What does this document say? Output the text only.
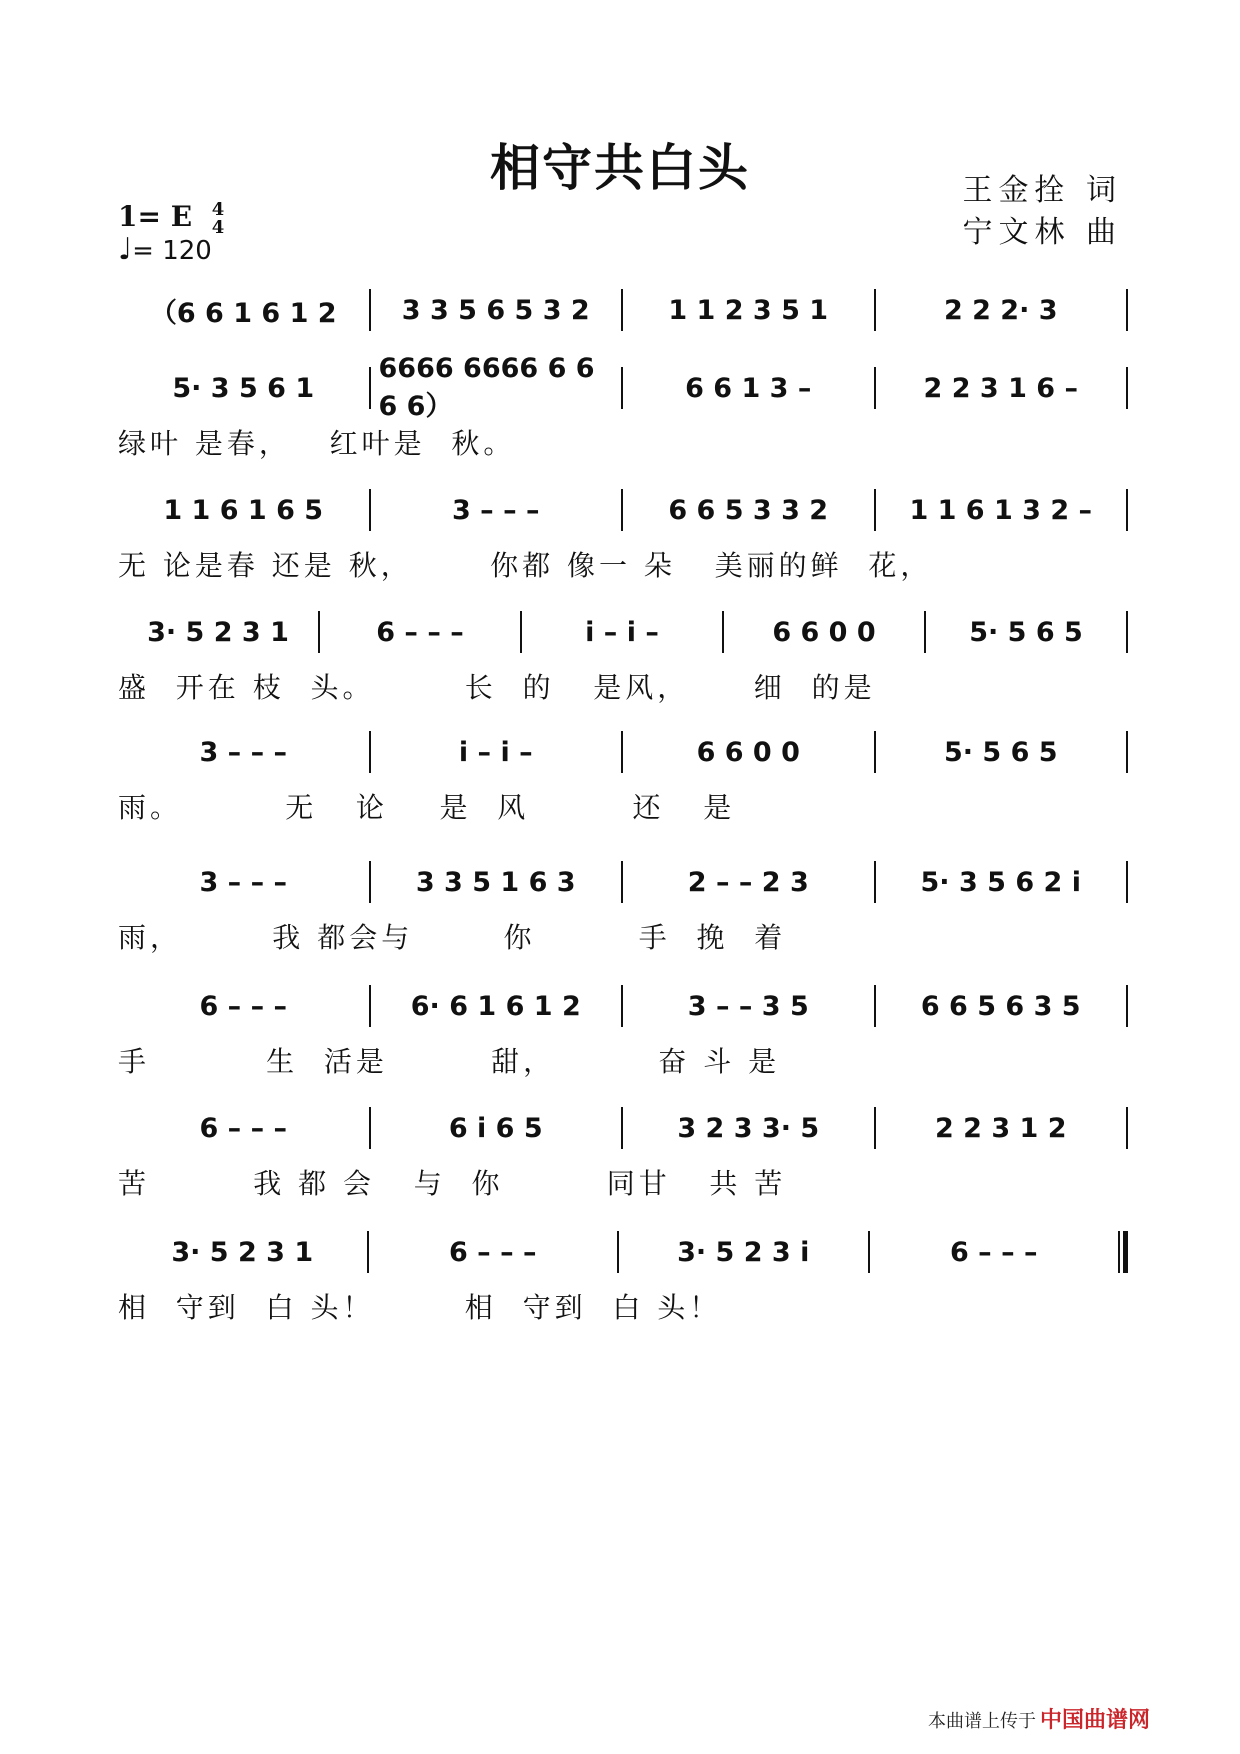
相守共白头	王金拴 词
宁文林 曲
1= E 4
4
♩= 120
（6 6 1 6 1 2	3 3 5 6 5 3 2	1 1 2 3 5 1	2 2 2· 3
5· 3 5 6 1
6666 6666 6 6 6 6）
6 6 1 3 –	2 2 3 1 6 –
绿叶 是春，   红叶是  秋。
1 1 6 1 6 5	3 – – –	6 6 5 3 3 2	1 1 6 1 3 2 –
无 论是春 还是 秋，      你都 像一 朵   美丽的鲜  花，
3· 5 2 3 1	6 – – –	i – i –	6 6 0 0	5· 5 6 5
盛  开在 枝  头。       长  的   是风，     细  的是
3 – – –	i – i –	6 6 0 0	5· 5 6 5
雨。        无   论    是  风        还   是
3 – – –	3 3 5 1 6 3	2 – – 2 3	5· 3 5 6 2 i
雨，       我 都会与       你        手  挽  着
6 – – –	6· 6 1 6 1 2	3 – – 3 5	6 6 5 6 3 5
手         生  活是        甜，        奋 斗 是
6 – – –	6 i 6 5	3 2 3 3· 5	2 2 3 1 2
苦        我 都 会   与  你        同甘   共 苦
3· 5 2 3 1	6 – – –	3· 5 2 3 i	6 – – –
相  守到  白 头！       相  守到  白 头！
本曲谱上传于 中国曲谱网
